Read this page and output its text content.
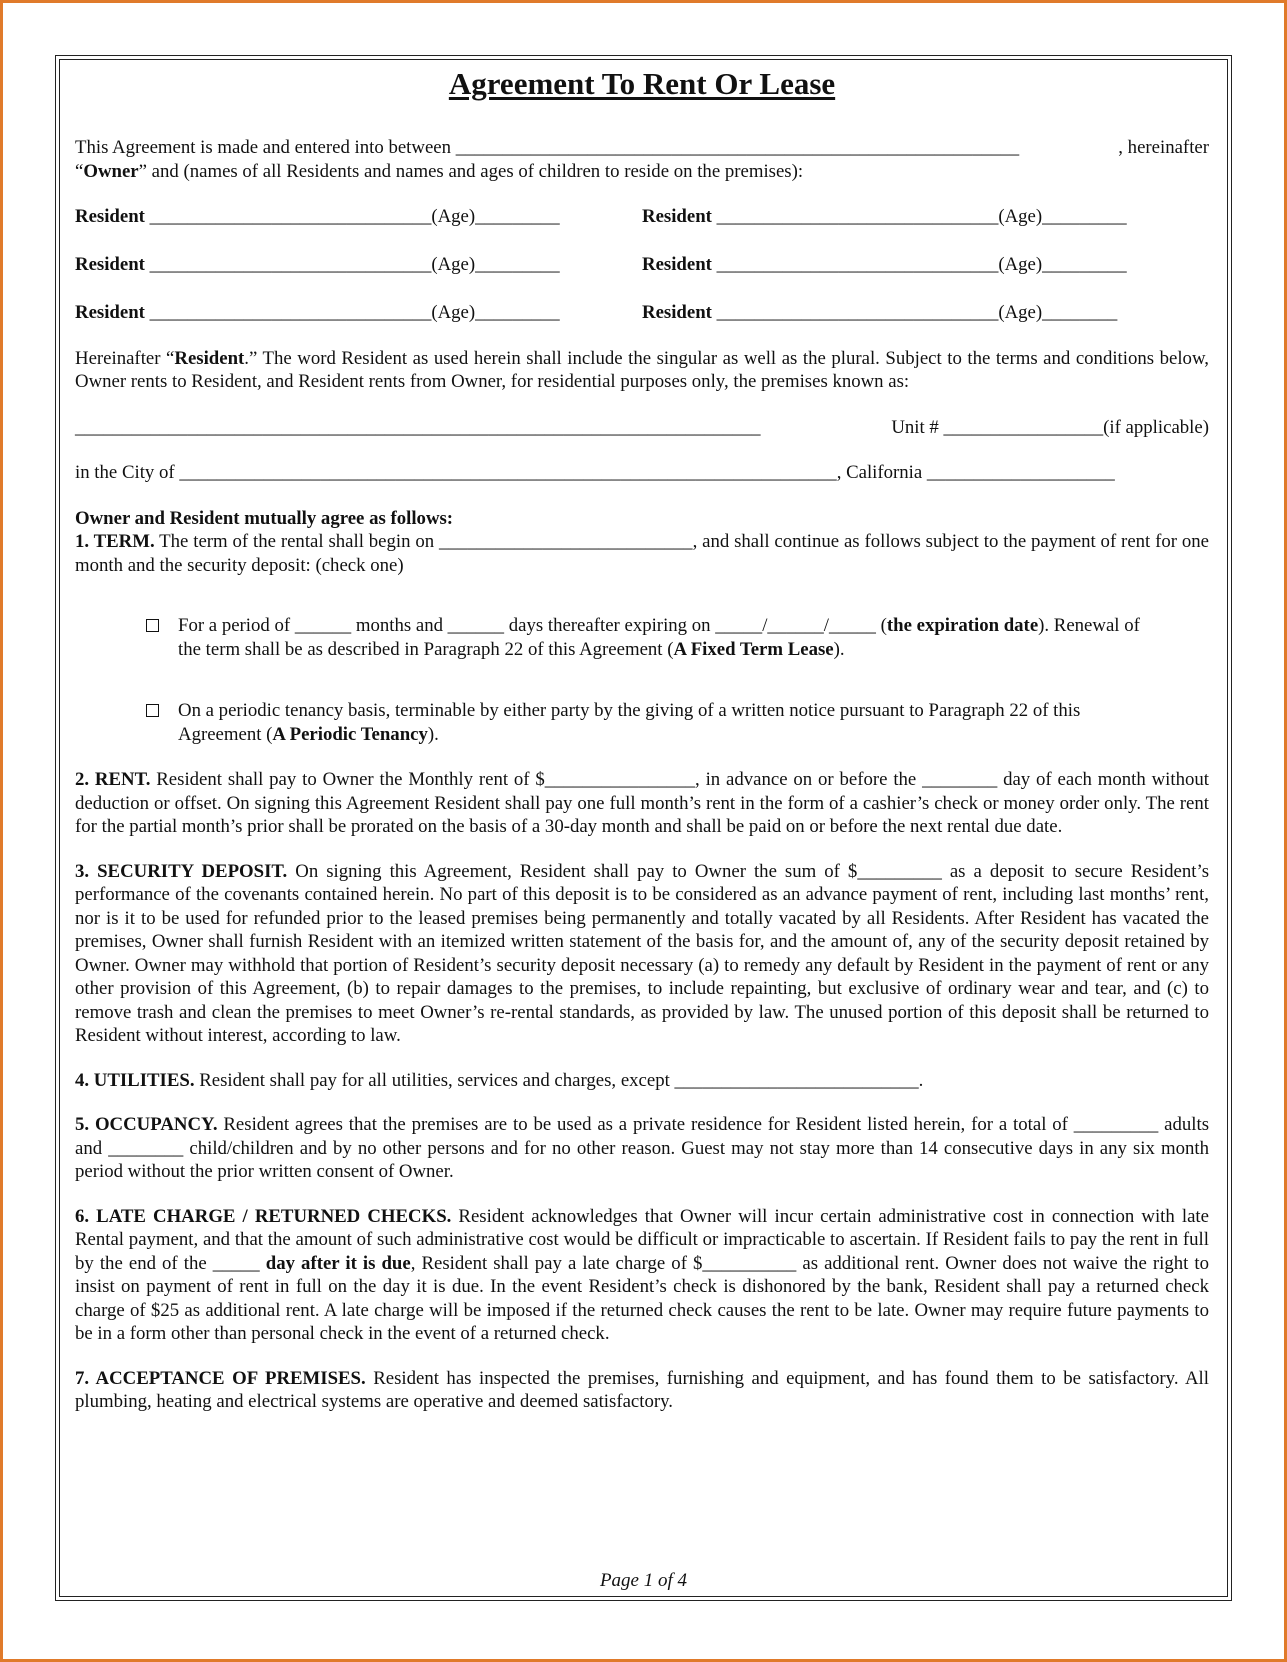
Agreement To Rent Or Lease
This Agreement is made and entered into between ____________________________________________________________	, hereinafter

“Owner” and (names of all Residents and names and ages of children to reside on the premises):

Resident ______________________________(Age)_________	Resident ______________________________(Age)_________
Resident ______________________________(Age)_________	Resident ______________________________(Age)_________
Resident ______________________________(Age)_________	Resident ______________________________(Age)________

Hereinafter “Resident.” The word Resident as used herein shall include the singular as well as the plural. Subject to the terms and conditions below, Owner rents to Resident, and Resident rents from Owner, for residential purposes only, the premises known as:

_________________________________________________________________________	Unit # _________________(if applicable)
in the City of ______________________________________________________________________, California ____________________

Owner and Resident mutually agree as follows:

1. TERM. The term of the rental shall begin on ___________________________, and shall continue as follows subject to the payment of rent for one month and the security deposit: (check one)

For a period of ______ months and ______ days thereafter expiring on _____/______/_____ (the expiration date). Renewal of the term shall be as described in Paragraph 22 of this Agreement (A Fixed Term Lease).

On a periodic tenancy basis, terminable by either party by the giving of a written notice pursuant to Paragraph 22 of this Agreement (A Periodic Tenancy).

2. RENT. Resident shall pay to Owner the Monthly rent of $________________, in advance on or before the ________ day of each month without deduction or offset. On signing this Agreement Resident shall pay one full month’s rent in the form of a cashier’s check or money order only. The rent for the partial month’s prior shall be prorated on the basis of a 30-day month and shall be paid on or before the next rental due date.

3. SECURITY DEPOSIT. On signing this Agreement, Resident shall pay to Owner the sum of $_________ as a deposit to secure Resident’s performance of the covenants contained herein. No part of this deposit is to be considered as an advance payment of rent, including last months’ rent, nor is it to be used for refunded prior to the leased premises being permanently and totally vacated by all Residents. After Resident has vacated the premises, Owner shall furnish Resident with an itemized written statement of the basis for, and the amount of, any of the security deposit retained by Owner. Owner may withhold that portion of Resident’s security deposit necessary (a) to remedy any default by Resident in the payment of rent or any other provision of this Agreement, (b) to repair damages to the premises, to include repainting, but exclusive of ordinary wear and tear, and (c) to remove trash and clean the premises to meet Owner’s re-rental standards, as provided by law. The unused portion of this deposit shall be returned to Resident without interest, according to law.

4. UTILITIES. Resident shall pay for all utilities, services and charges, except __________________________.

5. OCCUPANCY. Resident agrees that the premises are to be used as a private residence for Resident listed herein, for a total of _________ adults and ________ child/children and by no other persons and for no other reason. Guest may not stay more than 14 consecutive days in any six month period without the prior written consent of Owner.

6. LATE CHARGE / RETURNED CHECKS. Resident acknowledges that Owner will incur certain administrative cost in connection with late Rental payment, and that the amount of such administrative cost would be difficult or impracticable to ascertain. If Resident fails to pay the rent in full by the end of the _____ day after it is due, Resident shall pay a late charge of $__________ as additional rent. Owner does not waive the right to insist on payment of rent in full on the day it is due. In the event Resident’s check is dishonored by the bank, Resident shall pay a returned check charge of $25 as additional rent. A late charge will be imposed if the returned check causes the rent to be late. Owner may require future payments to be in a form other than personal check in the event of a returned check.

7. ACCEPTANCE OF PREMISES. Resident has inspected the premises, furnishing and equipment, and has found them to be satisfactory. All plumbing, heating and electrical systems are operative and deemed satisfactory.

Page 1 of 4
